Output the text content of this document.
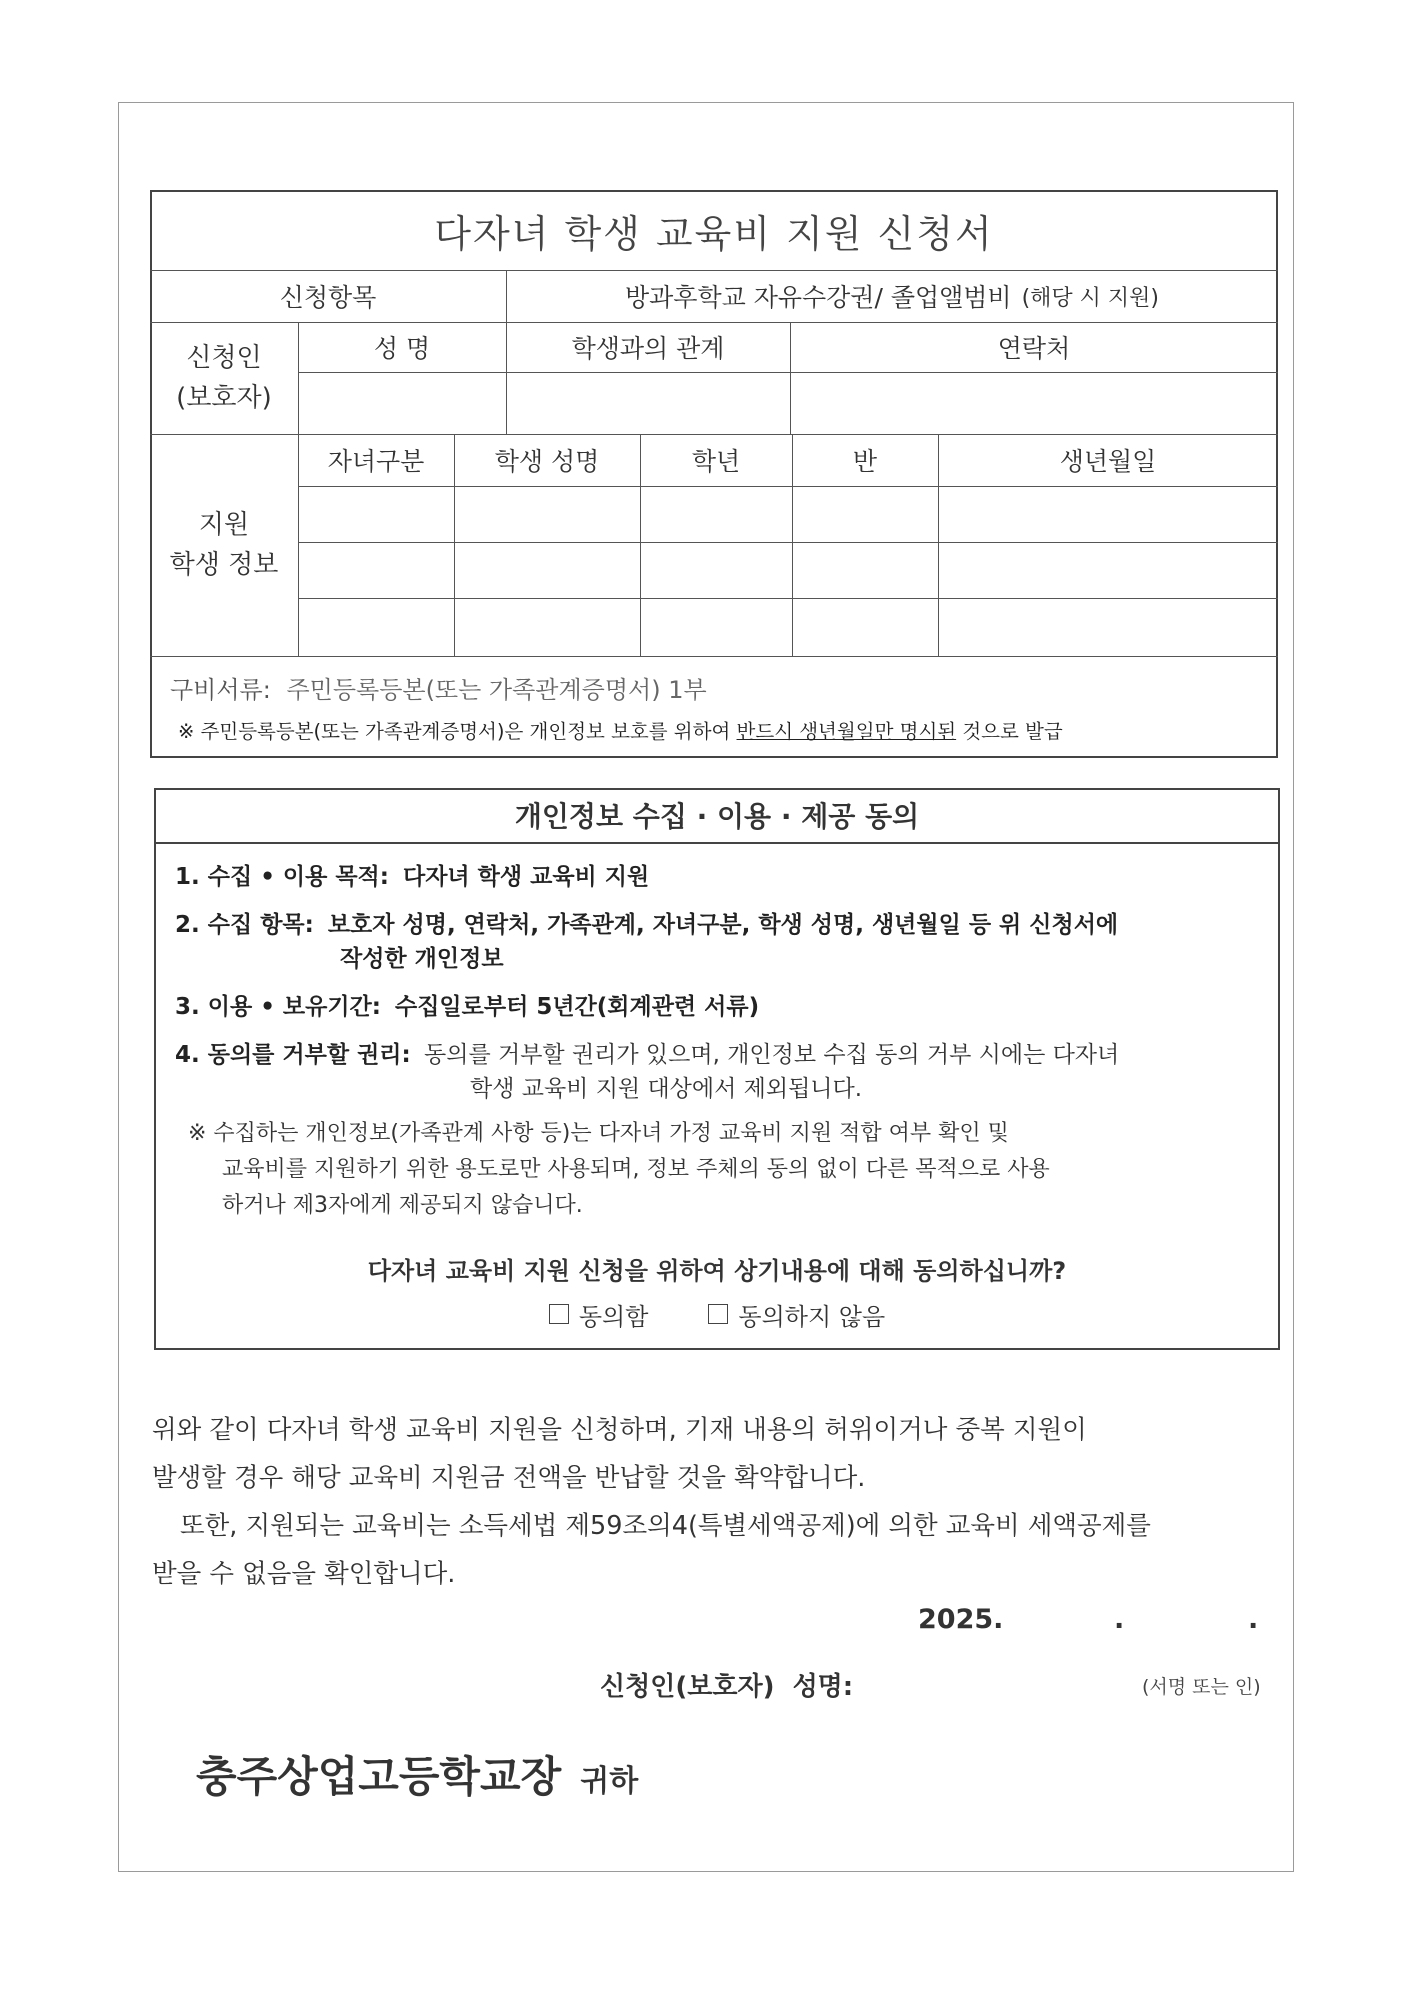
다자녀 학생 교육비 지원 신청서
신청항목	방과후학교 자유수강권/ 졸업앨범비 (해당 시 지원)
신청인
(보호자)
성 명	학생과의 관계	연락처
지원
학생 정보
자녀구분	학생 성명	학년	반	생년월일
구비서류: 주민등록등본(또는 가족관계증명서) 1부
※ 주민등록등본(또는 가족관계증명서)은 개인정보 보호를 위하여 반드시 생년월일만 명시된 것으로 발급
개인정보 수집 · 이용 · 제공 동의
1. 수집 • 이용 목적: 다자녀 학생 교육비 지원
2. 수집 항목: 보호자 성명, 연락처, 가족관계, 자녀구분, 학생 성명, 생년월일 등 위 신청서에
작성한 개인정보
3. 이용 • 보유기간: 수집일로부터 5년간(회계관련 서류)
4. 동의를 거부할 권리: 동의를 거부할 권리가 있으며, 개인정보 수집 동의 거부 시에는 다자녀
학생 교육비 지원 대상에서 제외됩니다.
※ 수집하는 개인정보(가족관계 사항 등)는 다자녀 가정 교육비 지원 적합 여부 확인 및
교육비를 지원하기 위한 용도로만 사용되며, 정보 주체의 동의 없이 다른 목적으로 사용
하거나 제3자에게 제공되지 않습니다.
다자녀 교육비 지원 신청을 위하여 상기내용에 대해 동의하십니까?
동의함	동의하지 않음
위와 같이 다자녀 학생 교육비 지원을 신청하며, 기재 내용의 허위이거나 중복 지원이
발생할 경우 해당 교육비 지원금 전액을 반납할 것을 확약합니다.
또한, 지원되는 교육비는 소득세법 제59조의4(특별세액공제)에 의한 교육비 세액공제를
받을 수 없음을 확인합니다.
2025.	.	.
신청인(보호자)  성명:	(서명 또는 인)
충주상업고등학교장 귀하
